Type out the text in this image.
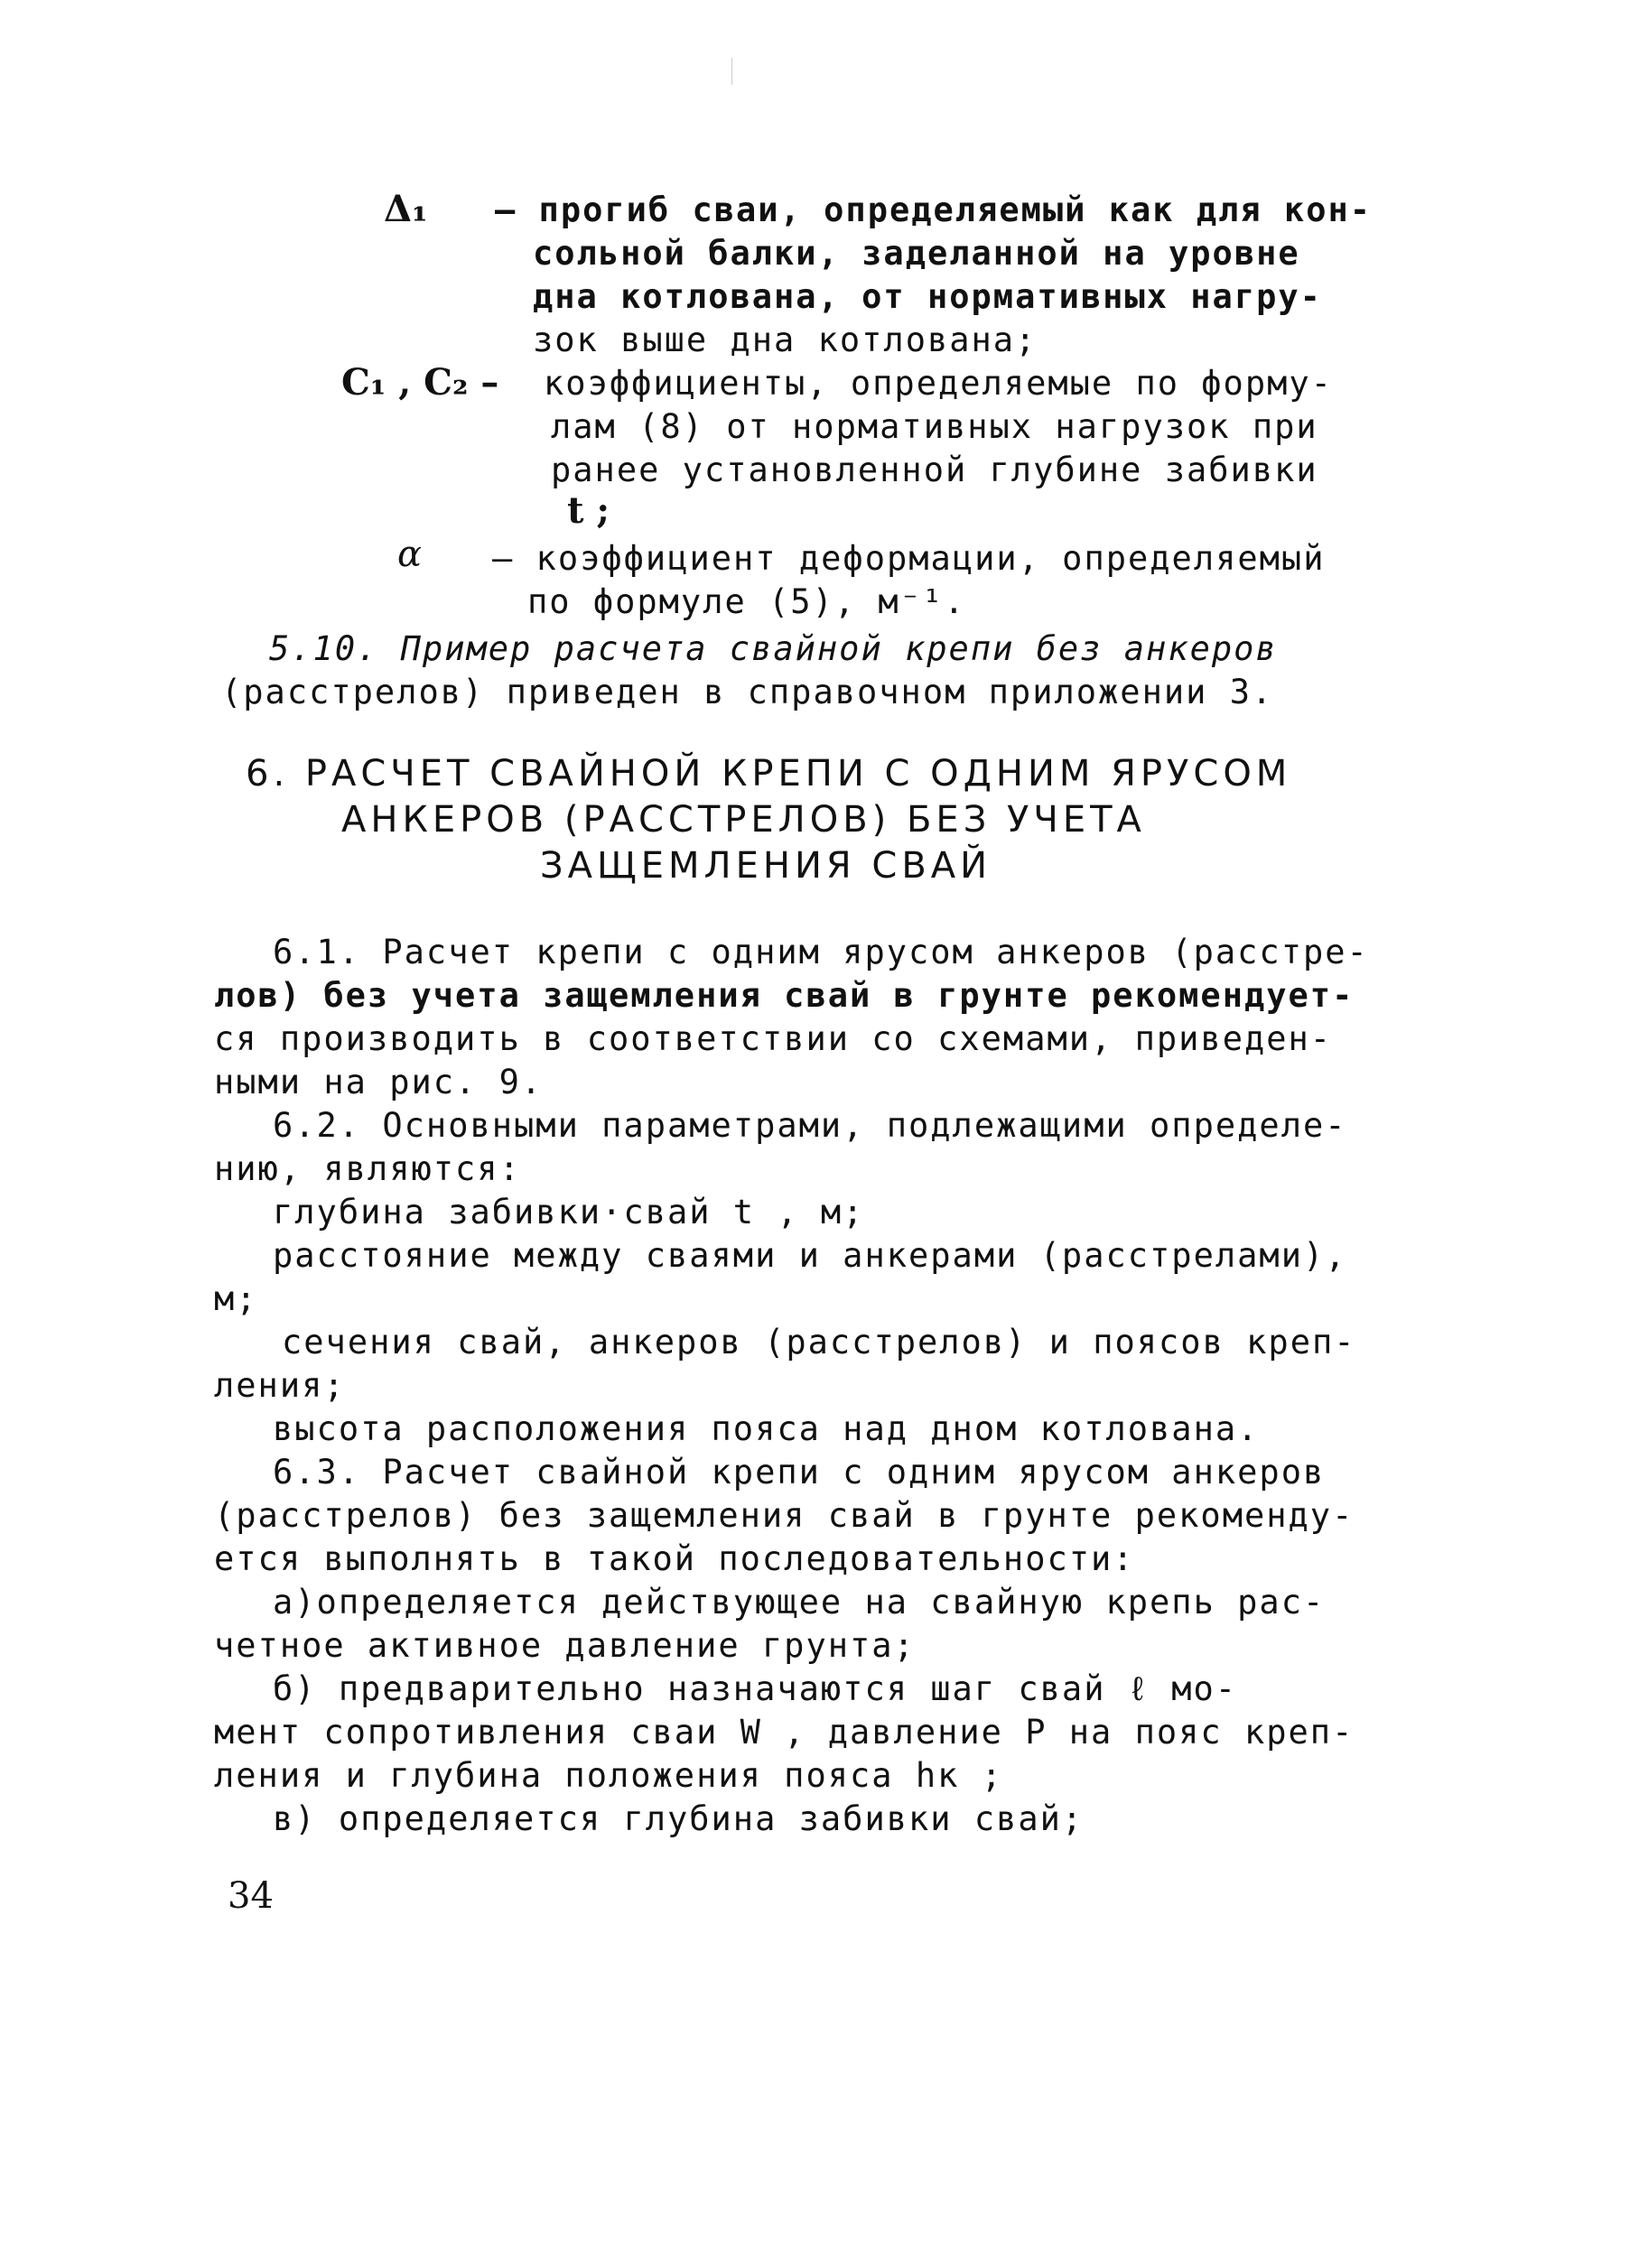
Δ₁ – прогиб сваи, определяемый как для кон-
сольной балки, заделанной на уровне
дна котлована, от нормативных нагру-
зок выше дна котлована;
C₁ , C₂ – коэффициенты, определяемые по форму-
лам (8) от нормативных нагрузок при
ранее установленной глубине забивки
t ;
α – коэффициент деформации, определяемый
по формуле (5), м⁻¹.
5.10. Пример расчета свайной крепи без анкеров
(расстрелов) приведен в справочном приложении 3.
6. РАСЧЕТ СВАЙНОЙ КРЕПИ С ОДНИМ ЯРУСОМ
АНКЕРОВ (РАССТРЕЛОВ) БЕЗ УЧЕТА
ЗАЩЕМЛЕНИЯ СВАЙ
6.1. Расчет крепи с одним ярусом анкеров (расстре-
лов) без учета защемления свай в грунте рекомендует-
ся производить в соответствии со схемами, приведен-
ными на рис. 9.
6.2. Основными параметрами, подлежащими определе-
нию, являются:
глубина забивки·свай t , м;
расстояние между сваями и анкерами (расстрелами),
м;
сечения свай, анкеров (расстрелов) и поясов креп-
ления;
высота расположения пояса над дном котлована.
6.3. Расчет свайной крепи с одним ярусом анкеров
(расстрелов) без защемления свай в грунте рекоменду-
ется выполнять в такой последовательности:
а)определяется действующее на свайную крепь рас-
четное активное давление грунта;
б) предварительно назначаются шаг свай ℓ мо-
мент сопротивления сваи W , давление P на пояс креп-
ления и глубина положения пояса hк ;
в) определяется глубина забивки свай;
34
